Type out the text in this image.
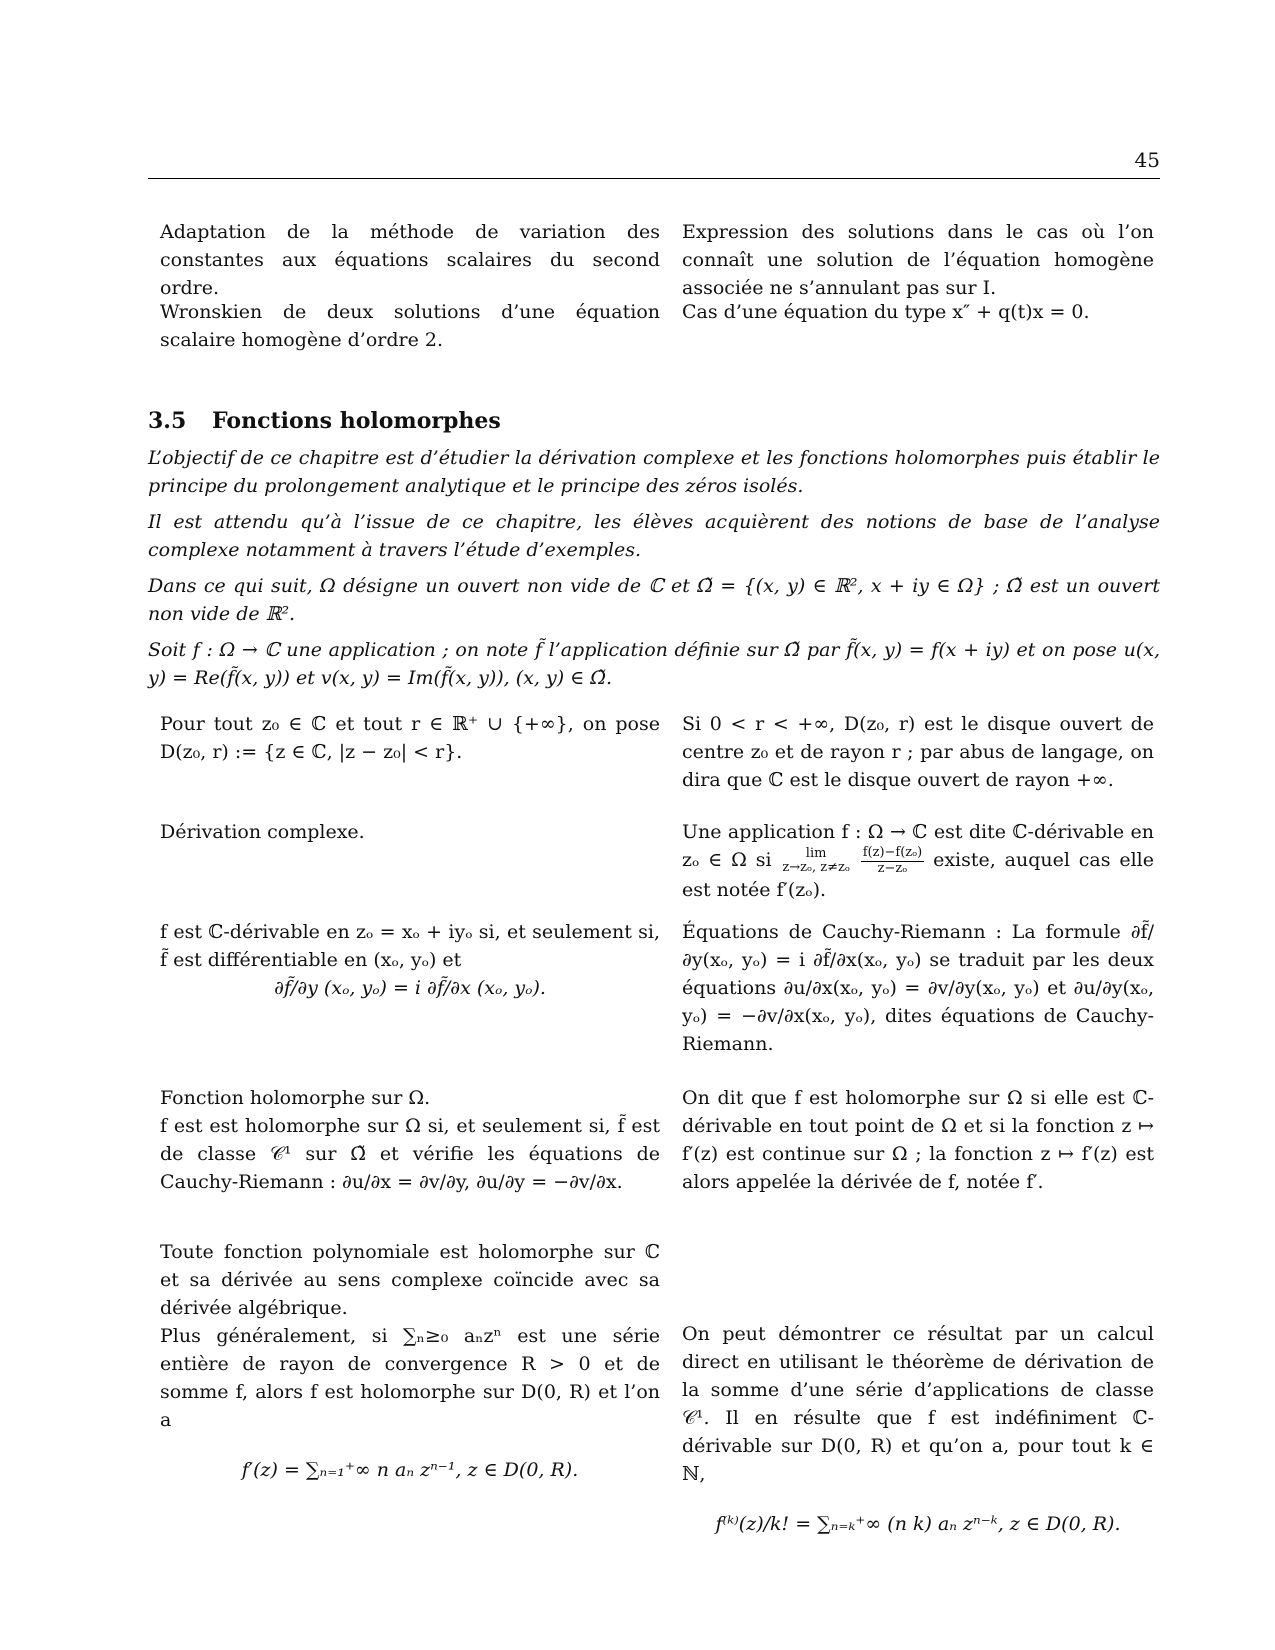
45
Adaptation de la méthode de variation des constantes aux équations scalaires du second ordre.
Expression des solutions dans le cas où l’on connaît une solution de l’équation homogène associée ne s’annulant pas sur I.
Wronskien de deux solutions d’une équation scalaire homogène d’ordre 2.
Cas d’une équation du type x″ + q(t)x = 0.
3.5 Fonctions holomorphes

L’objectif de ce chapitre est d’étudier la dérivation complexe et les fonctions holomorphes puis établir le principe du prolongement analytique et le principe des zéros isolés.

Il est attendu qu’à l’issue de ce chapitre, les élèves acquièrent des notions de base de l’analyse complexe notamment à travers l’étude d’exemples.

Dans ce qui suit, Ω désigne un ouvert non vide de ℂ et Ω̃ = {(x, y) ∈ ℝ², x + iy ∈ Ω} ; Ω̃ est un ouvert non vide de ℝ².

Soit f : Ω → ℂ une application ; on note f̃ l’application définie sur Ω̃ par f̃(x, y) = f(x + iy) et on pose u(x, y) = Re(f̃(x, y)) et v(x, y) = Im(f̃(x, y)), (x, y) ∈ Ω̃.

Pour tout z₀ ∈ ℂ et tout r ∈ ℝ⁺ ∪ {+∞}, on pose D(z₀, r) := {z ∈ ℂ, |z − z₀| < r}.
Si 0 < r < +∞, D(z₀, r) est le disque ouvert de centre z₀ et de rayon r ; par abus de langage, on dira que ℂ est le disque ouvert de rayon +∞.
Dérivation complexe.	Une application f : Ω → ℂ est dite ℂ-dérivable en zₒ ∈ Ω si	lim
z→zₒ, z≠zₒ
$\frac{\text{f(z)−f(zₒ)}}{\text{z−zₒ}}$ existe, auquel cas elle est notée f′(zₒ).

f est ℂ-dérivable en zₒ = xₒ + iyₒ si, et seulement si, f̃ est différentiable en (xₒ, yₒ) et

∂f̃/∂y (xₒ, yₒ) = i ∂f̃/∂x (xₒ, yₒ).

Équations de Cauchy-Riemann : La formule ∂f̃/∂y(xₒ, yₒ) = i ∂f̃/∂x(xₒ, yₒ) se traduit par les deux équations ∂u/∂x(xₒ, yₒ) = ∂v/∂y(xₒ, yₒ) et ∂u/∂y(xₒ, yₒ) = −∂v/∂x(xₒ, yₒ), dites équations de Cauchy-Riemann.

Fonction holomorphe sur Ω.

f est est holomorphe sur Ω si, et seulement si, f̃ est de classe 𝒞¹ sur Ω̃ et vérifie les équations de Cauchy-Riemann : ∂u/∂x = ∂v/∂y, ∂u/∂y = −∂v/∂x.

On dit que f est holomorphe sur Ω si elle est ℂ-dérivable en tout point de Ω et si la fonction z ↦ f′(z) est continue sur Ω ; la fonction z ↦ f′(z) est alors appelée la dérivée de f, notée f′.

Toute fonction polynomiale est holomorphe sur ℂ et sa dérivée au sens complexe coïncide avec sa dérivée algébrique.

Plus généralement, si ∑ₙ≥₀ aₙzⁿ est une série entière de rayon de convergence R > 0 et de somme f, alors f est holomorphe sur D(0, R) et l’on a

f′(z) = ∑ₙ₌₁⁺∞ n aₙ zⁿ⁻¹, z ∈ D(0, R).

On peut démontrer ce résultat par un calcul direct en utilisant le théorème de dérivation de la somme d’une série d’applications de classe 𝒞¹. Il en résulte que f est indéfiniment ℂ-dérivable sur D(0, R) et qu’on a, pour tout k ∈ ℕ,

f⁽ᵏ⁾(z)/k! = ∑ₙ₌ₖ⁺∞ (n k) aₙ zⁿ⁻ᵏ, z ∈ D(0, R).
